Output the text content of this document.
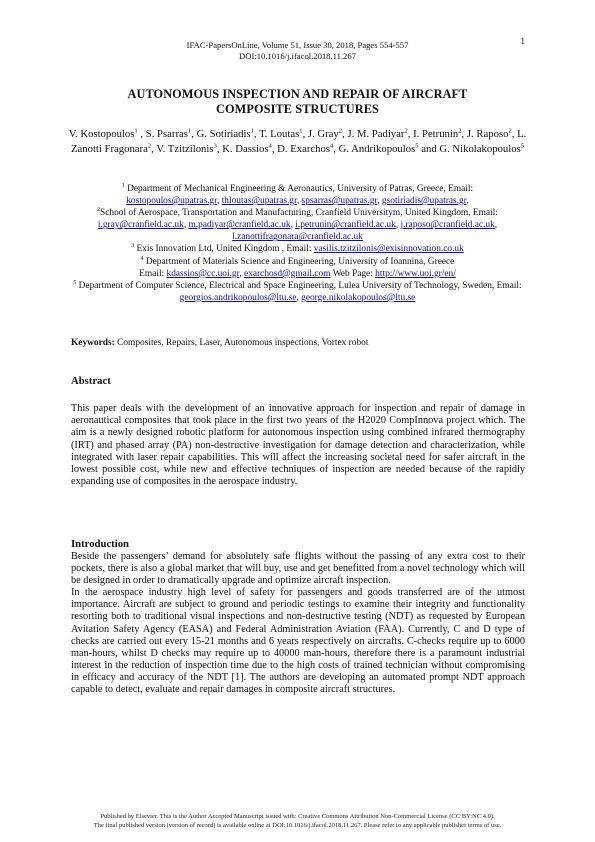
1
IFAC-PapersOnLine, Volume 51, Issue 30, 2018, Pages 554-557
DOI:10.1016/j.ifacol.2018.11.267
AUTONOMOUS INSPECTION AND REPAIR OF AIRCRAFT
COMPOSITE STRUCTURES
V. Kostopoulos$^1$ , S. Psarras$^1$, G. Sotiriadis$^1$, T. Loutas$^1$, J. Gray$^2$, J. M. Padiyar$^2$, I. Petrunin$^2$, J. Raposo$^2$, L. Zanotti Fragonara$^2$, V. Tzitzilonis$^3$, K. Dassios$^4$, D. Exarchos$^4$, G. Andrikopoulos$^5$ and G. Nikolakopoulos$^5$
$^1$ Department of Mechanical Engineering & Aeronautics, University of Patras, Greece, Email:
kostopoulos@upatras.gr, thloutas@upatras.gr, spsarras@upatras.gr, gsotiriadis@upatras.gr,
$^2$School of Aerospace, Transportation and Manufacturing, Cranfield Universitym, United Kingdom, Email: i.gray@cranfield.ac.uk, m.padiyar@cranfield.ac.uk, i.petrunin@cranfield.ac.uk, j.raposo@cranfield.ac.uk, l.zanottifragonara@cranfield.ac.uk
$^3$ Exis Innovation Ltd, United Kingdom , Email: vasilis.tzitzilonis@exisinnovation.co.uk
$^4$ Department of Materials Science and Engineering, University of Ioannina, Greece
Email: kdassios@cc.uoi.gr, exarchosd@gmail.com Web Page: http://www.uoi.gr/en/
$^5$ Department of Computer Science, Electrical and Space Engineering, Lulea University of Technology, Sweden, Email: georgios.andrikopoulos@ltu.se, george.nikolakopoulos@ltu.se
Keywords: Composites, Repairs, Laser, Autonomous inspections, Vortex robot
Abstract
This paper deals with the development of an innovative approach for inspection and repair of damage in aeronautical composites that took place in the first two years of the H2020 CompInnova project which. The aim is a newly designed robotic platform for autonomous inspection using combined infrared thermography (IRT) and phased array (PA) non-destructive investigation for damage detection and characterization, while integrated with laser repair capabilities. This will affect the increasing societal need for safer aircraft in the lowest possible cost, while new and effective techniques of inspection are needed because of the rapidly expanding use of composites in the aerospace industry.
Introduction

Beside the passengers’ demand for absolutely safe flights without the passing of any extra cost to their pockets, there is also a global market that will buy, use and get benefitted from a novel technology which will be designed in order to dramatically upgrade and optimize aircraft inspection.

In the aerospace industry high level of safety for passengers and goods transferred are of the utmost importance. Aircraft are subject to ground and periodic testings to examine their integrity and functionality resorting both to traditional visual inspections and non-destructive testing (NDT) as requested by European Avitation Safety Agency (EASA) and Federal Administration Aviation (FAA). Currently, C and D type of checks are carried out every 15-21 months and 6 years respectively on aircrafts. C-checks require up to 6000 man-hours, whilst D checks may require up to 40000 man-hours, therefore there is a paramount industrial interest in the reduction of inspection time due to the high costs of trained technician without compromising in efficacy and accuracy of the NDT [1]. The authors are developing an automated prompt NDT approach capable to detect, evaluate and repair damages in composite aircraft structures.

Published by Elsevier. This is the Author Accepted Manuscript issued with: Creative Commons Attribution Non-Commercial License (CC:BY:NC 4.0).
The final published version (version of record) is available online at DOI:10.1016/j.ifacol.2018.11.267. Please refer to any applicable publisher terms of use.
